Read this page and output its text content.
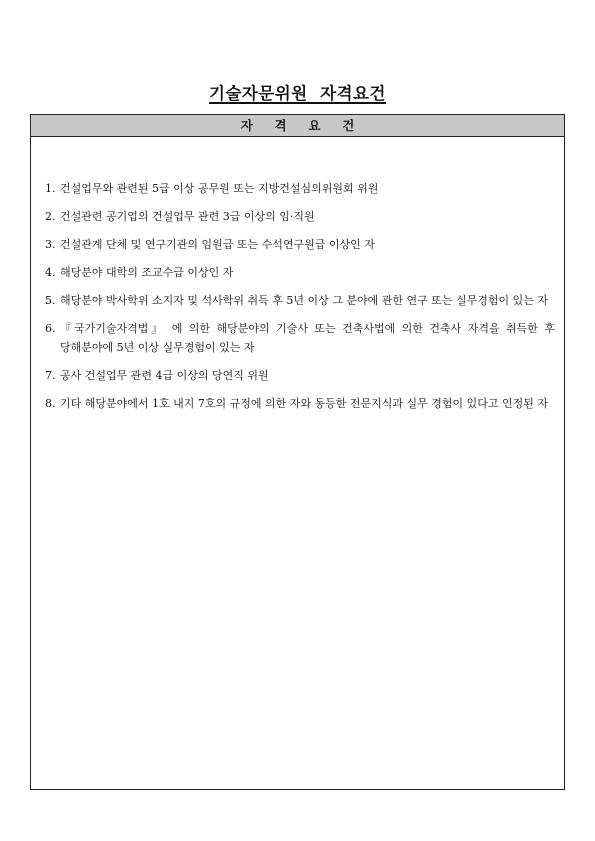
기술자문위원  자격요건
자     격     요     건
1. 건설업무와 관련된 5급 이상 공무원 또는 지방건설심의위원회 위원
2. 건설관련 공기업의 건설업무 관련 3급 이상의 임·직원
3. 건설관계 단체 및 연구기관의 임원급 또는 수석연구원급 이상인 자
4. 해당분야 대학의 조교수급 이상인 자
5. 해당분야 박사학위 소지자 및 석사학위 취득 후 5년 이상 그 분야에 관한 연구 또는 실무경험이 있는 자
6. 『국가기술자격법』 에 의한 해당분야의 기술사 또는 건축사법에 의한 건축사 자격을 취득한 후 당해분야에 5년 이상 실무경험이 있는 자
7. 공사 건설업무 관련 4급 이상의 당연직 위원
8. 기타 해당분야에서 1호 내지 7호의 규정에 의한 자와 동등한 전문지식과 실무 경험이 있다고 인정된 자
